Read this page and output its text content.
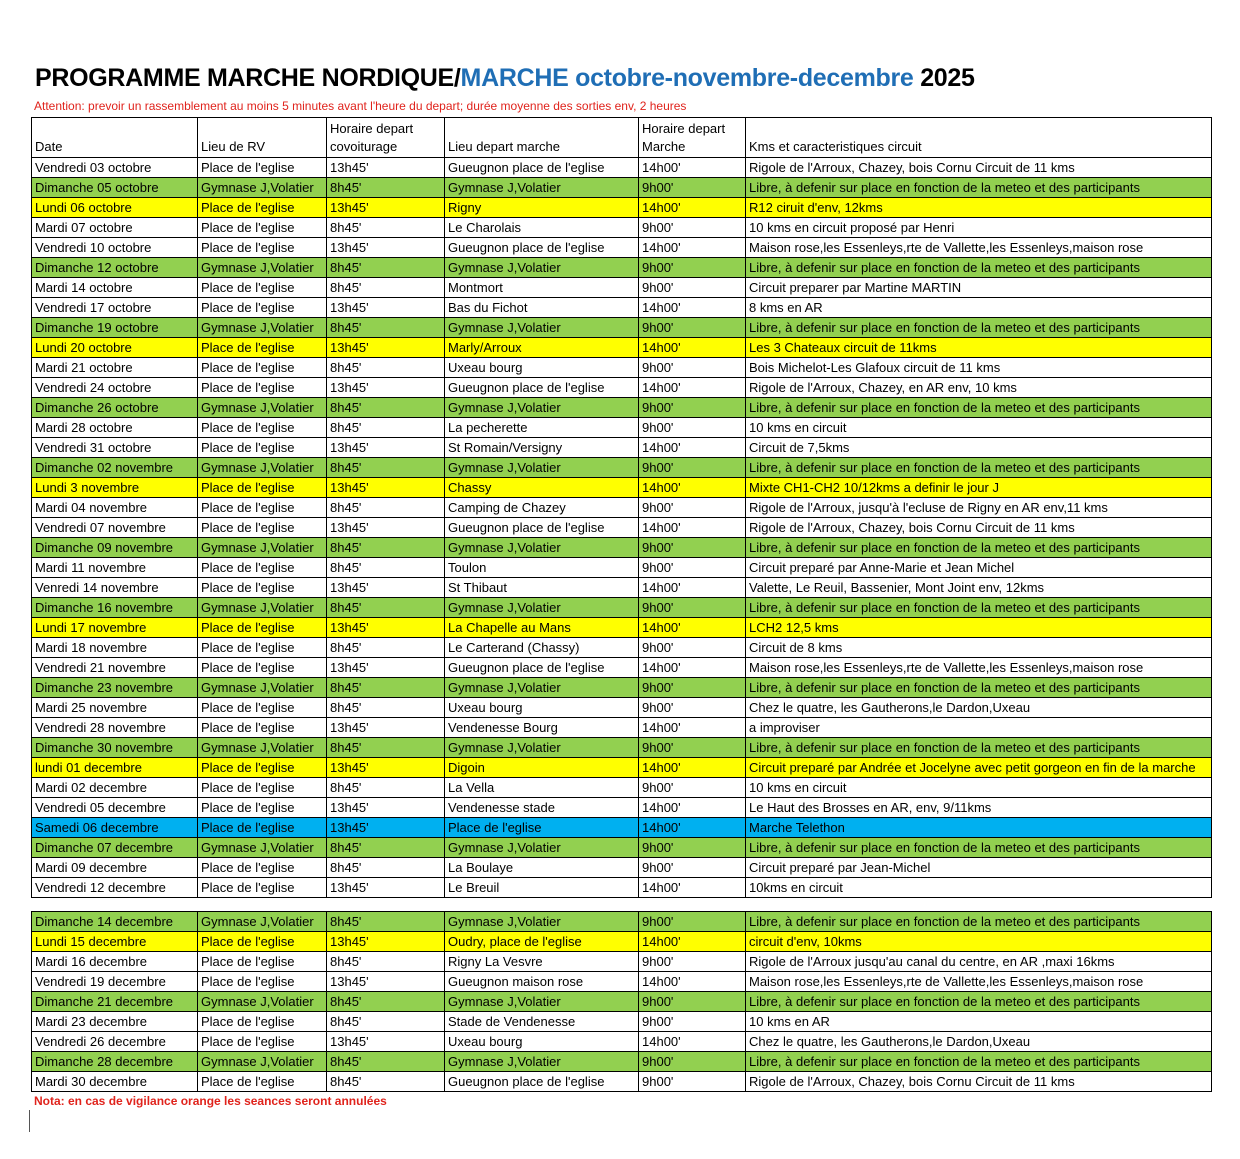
PROGRAMME MARCHE NORDIQUE/MARCHE octobre-novembre-decembre 2025
Attention: prevoir un rassemblement au moins 5 minutes avant l'heure du depart; durée moyenne des sorties env, 2 heures
Date	Lieu de RV	Horaire depart covoiturage	Lieu depart marche	Horaire depart Marche	Kms et caracteristiques circuit
Vendredi 03 octobre	Place de l'eglise	13h45'	Gueugnon place de l'eglise	14h00'	Rigole de l'Arroux, Chazey, bois Cornu Circuit de 11 kms
Dimanche 05 octobre	Gymnase J,Volatier	8h45'	Gymnase J,Volatier	9h00'	Libre, à defenir sur place en fonction de la meteo et des participants
Lundi 06 octobre	Place de l'eglise	13h45'	Rigny	14h00'	R12 ciruit d'env, 12kms
Mardi 07 octobre	Place de l'eglise	8h45'	Le Charolais	9h00'	10 kms en circuit proposé par Henri
Vendredi 10 octobre	Place de l'eglise	13h45'	Gueugnon place de l'eglise	14h00'	Maison rose,les Essenleys,rte de Vallette,les Essenleys,maison rose
Dimanche 12 octobre	Gymnase J,Volatier	8h45'	Gymnase J,Volatier	9h00'	Libre, à defenir sur place en fonction de la meteo et des participants
Mardi 14 octobre	Place de l'eglise	8h45'	Montmort	9h00'	Circuit preparer par Martine MARTIN
Vendredi 17 octobre	Place de l'eglise	13h45'	Bas du Fichot	14h00'	8 kms en AR
Dimanche 19 octobre	Gymnase J,Volatier	8h45'	Gymnase J,Volatier	9h00'	Libre, à defenir sur place en fonction de la meteo et des participants
Lundi 20 octobre	Place de l'eglise	13h45'	Marly/Arroux	14h00'	Les 3 Chateaux circuit de 11kms
Mardi 21 octobre	Place de l'eglise	8h45'	Uxeau bourg	9h00'	Bois Michelot-Les Glafoux circuit de 11 kms
Vendredi 24 octobre	Place de l'eglise	13h45'	Gueugnon place de l'eglise	14h00'	Rigole de l'Arroux, Chazey, en AR env, 10 kms
Dimanche 26 octobre	Gymnase J,Volatier	8h45'	Gymnase J,Volatier	9h00'	Libre, à defenir sur place en fonction de la meteo et des participants
Mardi 28 octobre	Place de l'eglise	8h45'	La pecherette	9h00'	10 kms en circuit
Vendredi 31 octobre	Place de l'eglise	13h45'	St Romain/Versigny	14h00'	Circuit de 7,5kms
Dimanche 02 novembre	Gymnase J,Volatier	8h45'	Gymnase J,Volatier	9h00'	Libre, à defenir sur place en fonction de la meteo et des participants
Lundi 3 novembre	Place de l'eglise	13h45'	Chassy	14h00'	Mixte CH1-CH2 10/12kms a definir le jour J
Mardi 04 novembre	Place de l'eglise	8h45'	Camping de Chazey	9h00'	Rigole de l'Arroux, jusqu'à l'ecluse de Rigny en AR env,11 kms
Vendredi 07 novembre	Place de l'eglise	13h45'	Gueugnon place de l'eglise	14h00'	Rigole de l'Arroux, Chazey, bois Cornu Circuit de 11 kms
Dimanche 09 novembre	Gymnase J,Volatier	8h45'	Gymnase J,Volatier	9h00'	Libre, à defenir sur place en fonction de la meteo et des participants
Mardi 11 novembre	Place de l'eglise	8h45'	Toulon	9h00'	Circuit preparé par Anne-Marie et Jean Michel
Venredi 14 novembre	Place de l'eglise	13h45'	St Thibaut	14h00'	Valette, Le Reuil, Bassenier, Mont Joint env, 12kms
Dimanche 16 novembre	Gymnase J,Volatier	8h45'	Gymnase J,Volatier	9h00'	Libre, à defenir sur place en fonction de la meteo et des participants
Lundi 17 novembre	Place de l'eglise	13h45'	La Chapelle au Mans	14h00'	LCH2 12,5 kms
Mardi 18 novembre	Place de l'eglise	8h45'	Le Carterand (Chassy)	9h00'	Circuit de 8 kms
Vendredi 21 novembre	Place de l'eglise	13h45'	Gueugnon place de l'eglise	14h00'	Maison rose,les Essenleys,rte de Vallette,les Essenleys,maison rose
Dimanche 23 novembre	Gymnase J,Volatier	8h45'	Gymnase J,Volatier	9h00'	Libre, à defenir sur place en fonction de la meteo et des participants
Mardi 25 novembre	Place de l'eglise	8h45'	Uxeau bourg	9h00'	Chez le quatre, les Gautherons,le Dardon,Uxeau
Vendredi 28 novembre	Place de l'eglise	13h45'	Vendenesse Bourg	14h00'	a improviser
Dimanche 30 novembre	Gymnase J,Volatier	8h45'	Gymnase J,Volatier	9h00'	Libre, à defenir sur place en fonction de la meteo et des participants
lundi 01 decembre	Place de l'eglise	13h45'	Digoin	14h00'	Circuit preparé par Andrée et Jocelyne avec petit gorgeon en fin de la marche
Mardi 02 decembre	Place de l'eglise	8h45'	La Vella	9h00'	10 kms en circuit
Vendredi 05 decembre	Place de l'eglise	13h45'	Vendenesse stade	14h00'	Le Haut des Brosses en AR, env, 9/11kms
Samedi 06 decembre	Place de l'eglise	13h45'	Place de l'eglise	14h00'	Marche Telethon
Dimanche 07 decembre	Gymnase J,Volatier	8h45'	Gymnase J,Volatier	9h00'	Libre, à defenir sur place en fonction de la meteo et des participants
Mardi 09 decembre	Place de l'eglise	8h45'	La Boulaye	9h00'	Circuit preparé par Jean-Michel
Vendredi 12 decembre	Place de l'eglise	13h45'	Le Breuil	14h00'	10kms en circuit
Dimanche 14 decembre	Gymnase J,Volatier	8h45'	Gymnase J,Volatier	9h00'	Libre, à defenir sur place en fonction de la meteo et des participants
Lundi 15 decembre	Place de l'eglise	13h45'	Oudry, place de l'eglise	14h00'	circuit d'env, 10kms
Mardi 16 decembre	Place de l'eglise	8h45'	Rigny La Vesvre	9h00'	Rigole de l'Arroux jusqu'au canal du centre, en AR ,maxi 16kms
Vendredi 19 decembre	Place de l'eglise	13h45'	Gueugnon maison rose	14h00'	Maison rose,les Essenleys,rte de Vallette,les Essenleys,maison rose
Dimanche 21 decembre	Gymnase J,Volatier	8h45'	Gymnase J,Volatier	9h00'	Libre, à defenir sur place en fonction de la meteo et des participants
Mardi 23 decembre	Place de l'eglise	8h45'	Stade de Vendenesse	9h00'	10 kms en AR
Vendredi 26 decembre	Place de l'eglise	13h45'	Uxeau bourg	14h00'	Chez le quatre, les Gautherons,le Dardon,Uxeau
Dimanche 28 decembre	Gymnase J,Volatier	8h45'	Gymnase J,Volatier	9h00'	Libre, à defenir sur place en fonction de la meteo et des participants
Mardi 30 decembre	Place de l'eglise	8h45'	Gueugnon place de l'eglise	9h00'	Rigole de l'Arroux, Chazey, bois Cornu Circuit de 11 kms
Nota: en cas de vigilance orange les seances seront annulées
